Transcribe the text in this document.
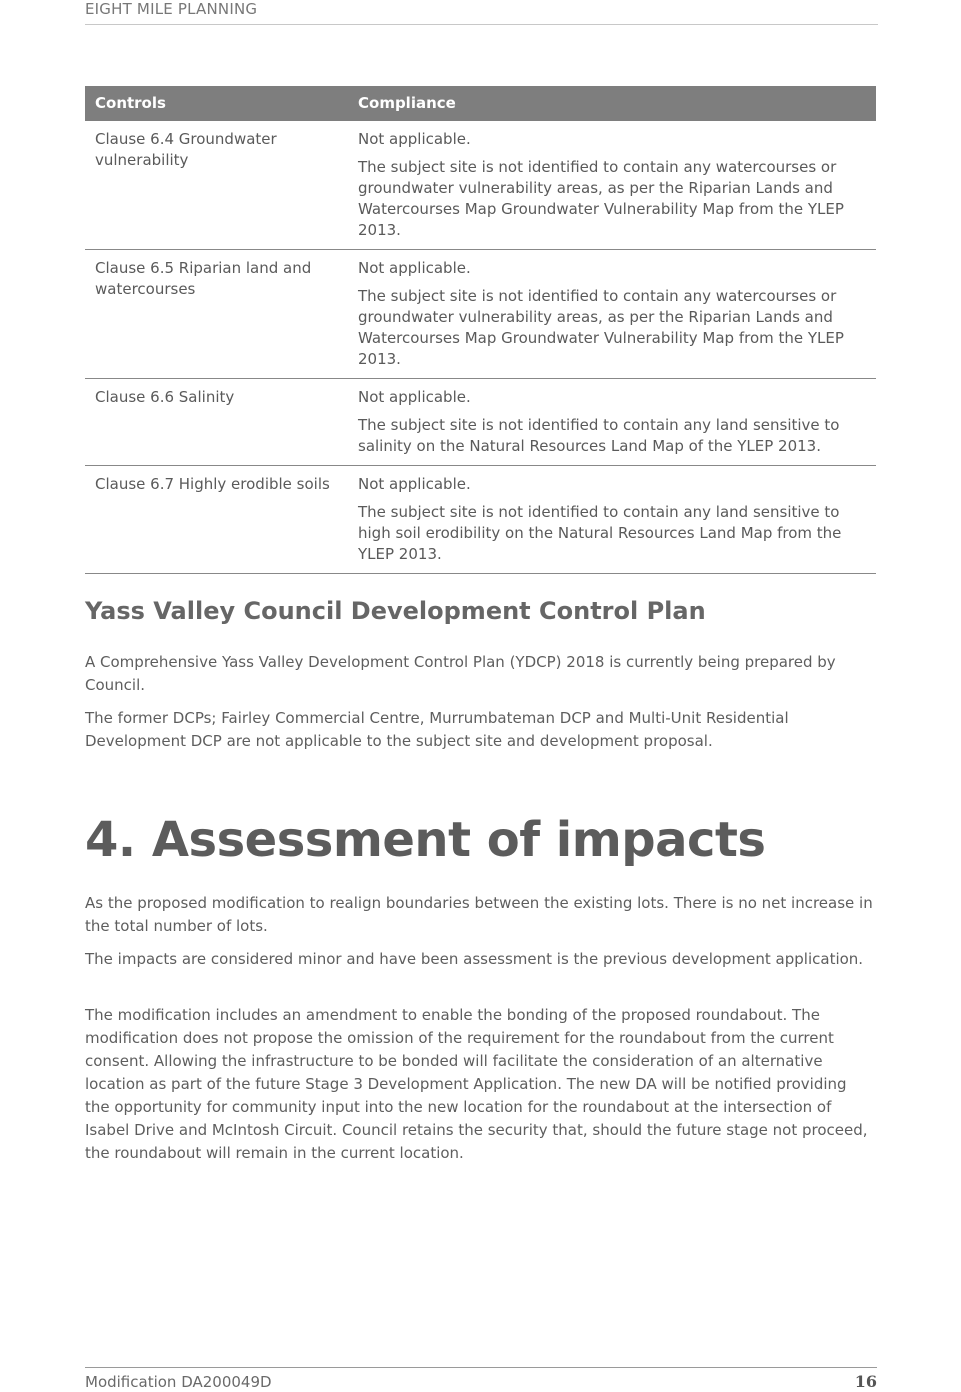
EIGHT MILE PLANNING
Controls	Compliance
Clause 6.4 Groundwater vulnerability	Not applicable.

The subject site is not identified to contain any watercourses or groundwater vulnerability areas, as per the Riparian Lands and Watercourses Map Groundwater Vulnerability Map from the YLEP 2013.

Clause 6.5 Riparian land and watercourses	Not applicable.

The subject site is not identified to contain any watercourses or groundwater vulnerability areas, as per the Riparian Lands and Watercourses Map Groundwater Vulnerability Map from the YLEP 2013.

Clause 6.6 Salinity	Not applicable.

The subject site is not identified to contain any land sensitive to salinity on the Natural Resources Land Map of the YLEP 2013.

Clause 6.7 Highly erodible soils	Not applicable.

The subject site is not identified to contain any land sensitive to high soil erodibility on the Natural Resources Land Map from the YLEP 2013.

Yass Valley Council Development Control Plan

A Comprehensive Yass Valley Development Control Plan (YDCP) 2018 is currently being prepared by Council.

The former DCPs; Fairley Commercial Centre, Murrumbateman DCP and Multi-Unit Residential Development DCP are not applicable to the subject site and development proposal.

4. Assessment of impacts

As the proposed modification to realign boundaries between the existing lots. There is no net increase in the total number of lots.

The impacts are considered minor and have been assessment is the previous development application.

The modification includes an amendment to enable the bonding of the proposed roundabout. The modification does not propose the omission of the requirement for the roundabout from the current consent. Allowing the infrastructure to be bonded will facilitate the consideration of an alternative location as part of the future Stage 3 Development Application. The new DA will be notified providing the opportunity for community input into the new location for the roundabout at the intersection of Isabel Drive and McIntosh Circuit. Council retains the security that, should the future stage not proceed, the roundabout will remain in the current location.

Modification DA200049D	16
